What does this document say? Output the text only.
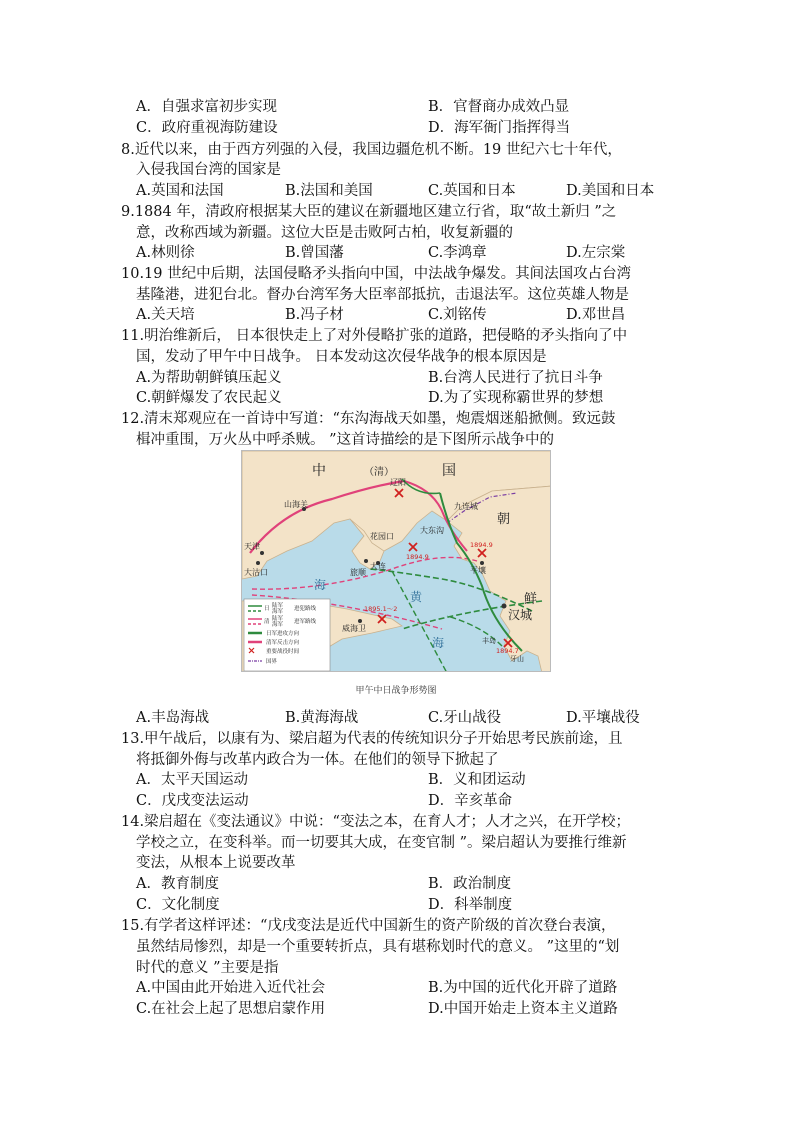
A．自强求富初步实现	B．官督商办成效凸显
C．政府重视海防建设	D．海军衙门指挥得当
8.近代以来，由于西方列强的入侵，我国边疆危机不断。19 世纪六七十年代，
入侵我国台湾的国家是
A.英国和法国	B.法国和美国	C.英国和日本	D.美国和日本
9.1884 年，清政府根据某大臣的建议在新疆地区建立行省，取“故土新归 ”之
意，改称西域为新疆。这位大臣是击败阿古柏，收复新疆的
A.林则徐	B.曾国藩	C.李鸿章	D.左宗棠
10.19 世纪中后期，法国侵略矛头指向中国，中法战争爆发。其间法国攻占台湾
基隆港，进犯台北。督办台湾军务大臣率部抵抗，击退法军。这位英雄人物是
A.关天培	B.冯子材	C.刘铭传	D.邓世昌
11.明治维新后， 日本很快走上了对外侵略扩张的道路，把侵略的矛头指向了中
国，发动了甲午中日战争。 日本发动这次侵华战争的根本原因是
A.为帮助朝鲜镇压起义	B.台湾人民进行了抗日斗争
C.朝鲜爆发了农民起义	D.为了实现称霸世界的梦想
12.清末郑观应在一首诗中写道：“东沟海战天如墨，炮震烟迷船掀侧。致远鼓
楫冲重围，万火丛中呼杀贼。 ”这首诗描绘的是下图所示战争中的
中	（清）	国
辽阳
九连城
朝
鲜
山海关
天津
大沽口
花园口
大东沟
旅顺
大连	平壤
威海卫
汉城
丰岛
牙山
海
黄
海
1894.9
1894.9
1895.1～2
1894.7
日 陆军
海军 进犯路线
清 陆军
海军 进军路线
日军进攻方向
清军反击方向
重要战役时间
国界
甲午中日战争形势图
A.丰岛海战	B.黄海海战	C.牙山战役	D.平壤战役
13.甲午战后，以康有为、梁启超为代表的传统知识分子开始思考民族前途，且
将抵御外侮与改革内政合为一体。在他们的领导下掀起了
A．太平天国运动	B．义和团运动
C．戊戌变法运动	D．辛亥革命
14.梁启超在《变法通议》中说：“变法之本，在育人才；人才之兴，在开学校；
学校之立，在变科举。而一切要其大成，在变官制 ”。梁启超认为要推行维新
变法，从根本上说要改革
A．教育制度	B．政治制度
C．文化制度	D．科举制度
15.有学者这样评述：“戊戌变法是近代中国新生的资产阶级的首次登台表演，
虽然结局惨烈，却是一个重要转折点，具有堪称划时代的意义。 ”这里的“划
时代的意义 ”主要是指
A.中国由此开始进入近代社会	B.为中国的近代化开辟了道路
C.在社会上起了思想启蒙作用	D.中国开始走上资本主义道路
